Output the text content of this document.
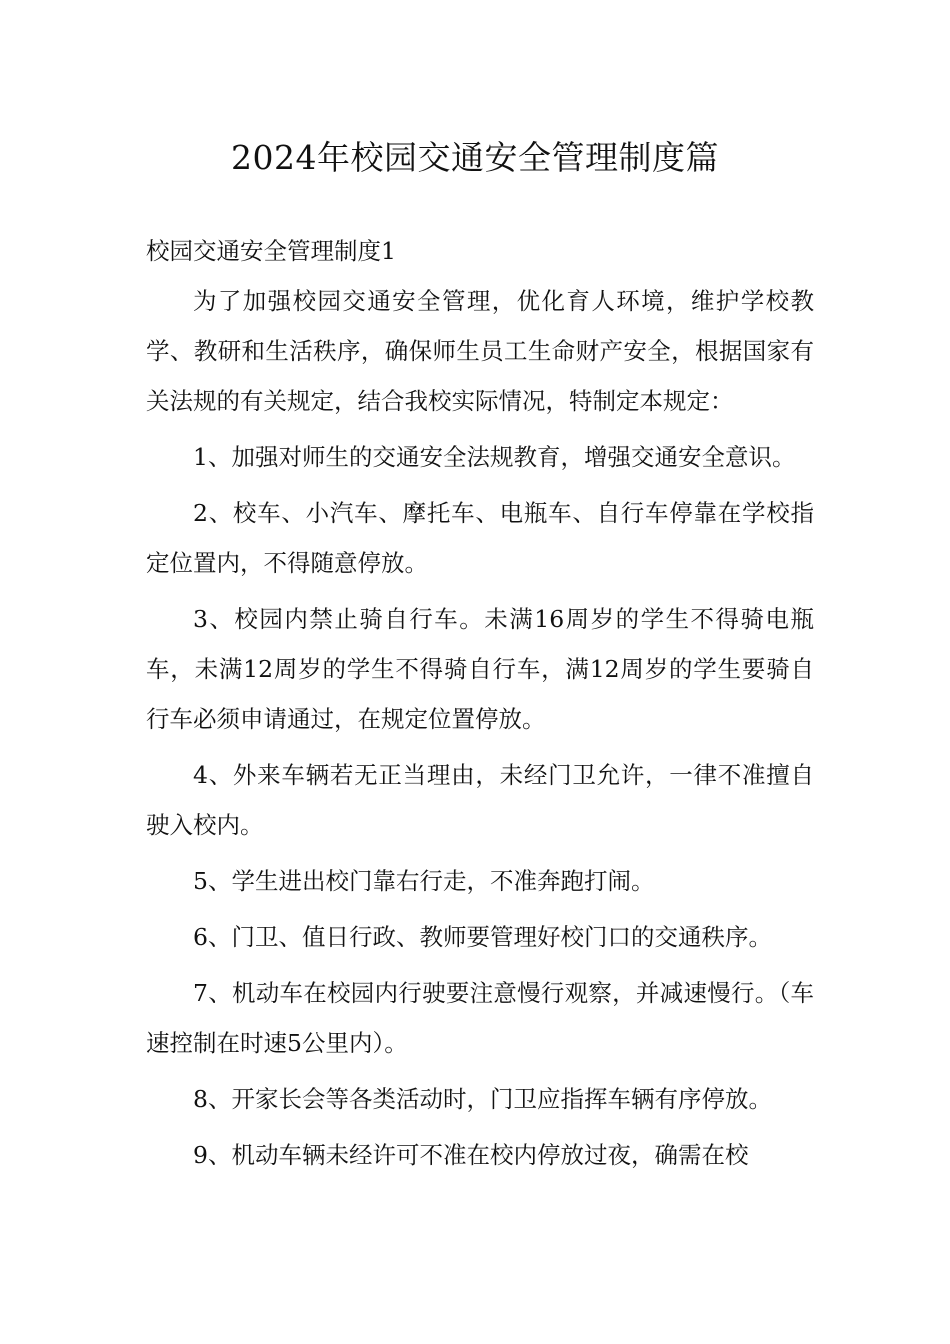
2024年校园交通安全管理制度篇

校园交通安全管理制度1

为了加强校园交通安全管理，优化育人环境，维护学校教学、教研和生活秩序，确保师生员工生命财产安全，根据国家有关法规的有关规定，结合我校实际情况，特制定本规定：

1、加强对师生的交通安全法规教育，增强交通安全意识。

2、校车、小汽车、摩托车、电瓶车、自行车停靠在学校指定位置内，不得随意停放。

3、校园内禁止骑自行车。未满16周岁的学生不得骑电瓶车，未满12周岁的学生不得骑自行车，满12周岁的学生要骑自行车必须申请通过，在规定位置停放。

4、外来车辆若无正当理由，未经门卫允许，一律不准擅自驶入校内。

5、学生进出校门靠右行走，不准奔跑打闹。

6、门卫、值日行政、教师要管理好校门口的交通秩序。

7、机动车在校园内行驶要注意慢行观察，并减速慢行。（车速控制在时速5公里内）。

8、开家长会等各类活动时，门卫应指挥车辆有序停放。

9、机动车辆未经许可不准在校内停放过夜，确需在校
